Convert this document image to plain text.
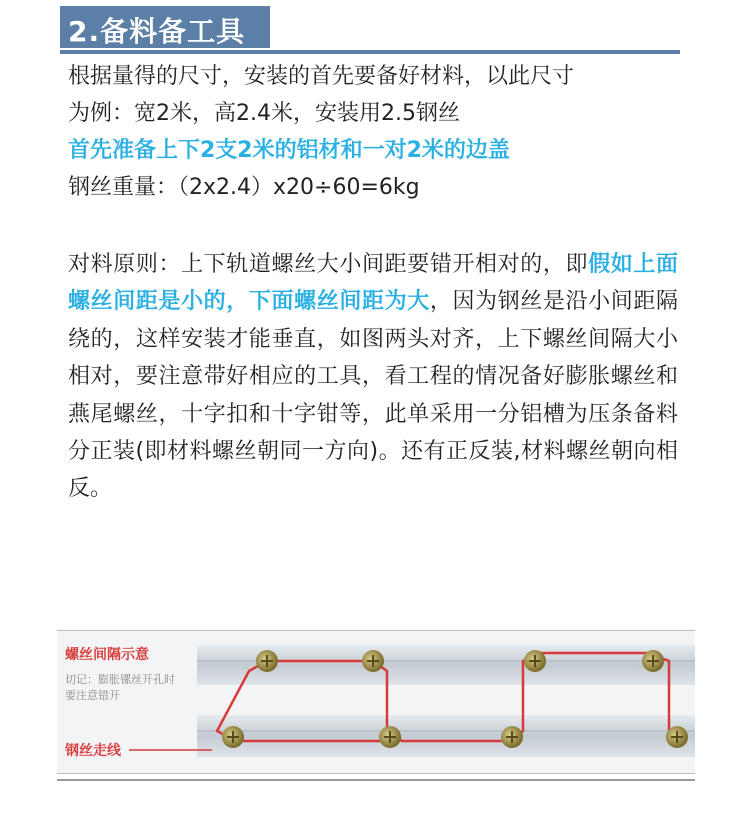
2.备料备工具
根据量得的尺寸，安装的首先要备好材料，以此尺寸
为例：宽2米，高2.4米，安装用2.5钢丝
首先准备上下2支2米的铝材和一对2米的边盖
钢丝重量：（2x2.4）x20÷60=6kg
对料原则：上下轨道螺丝大小间距要错开相对的，即假如上面螺丝间距是小的，下面螺丝间距为大，因为钢丝是沿小间距隔绕的，这样安装才能垂直，如图两头对齐，上下螺丝间隔大小相对，要注意带好相应的工具，看工程的情况备好膨胀螺丝和燕尾螺丝，十字扣和十字钳等，此单采用一分铝槽为压条备料分正装(即材料螺丝朝同一方向)。还有正反装,材料螺丝朝向相反。
螺丝间隔示意
切记：膨胀镙丝开孔时
要注意错开
钢丝走线
